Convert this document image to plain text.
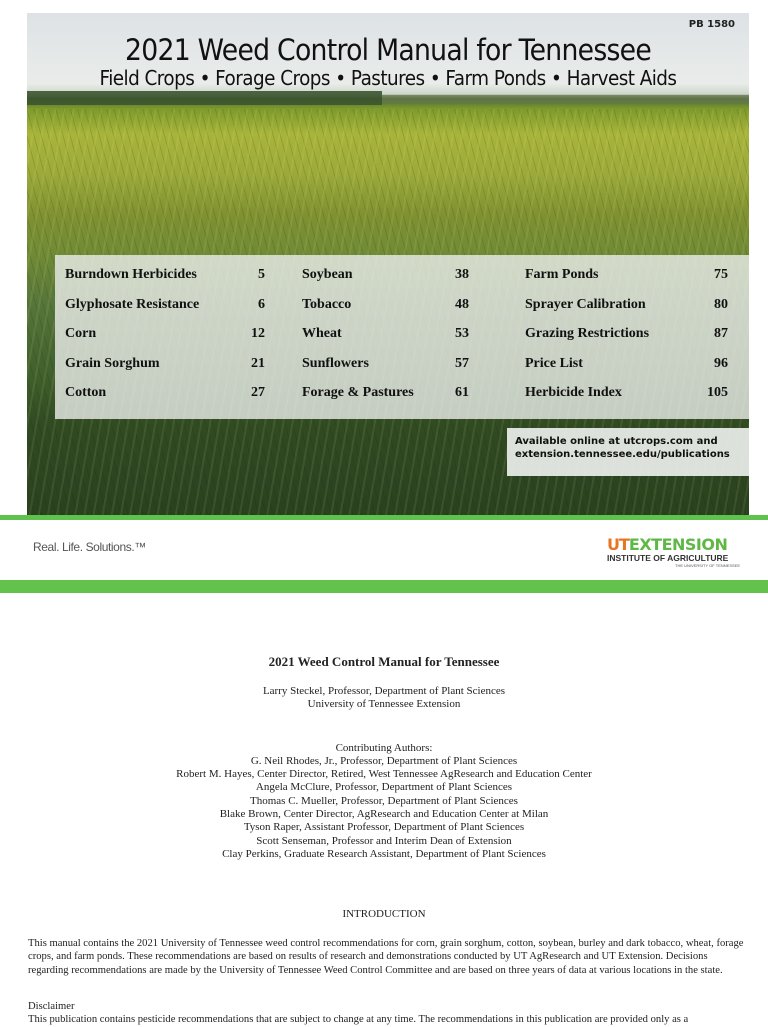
PB 1580
2021 Weed Control Manual for Tennessee
Field Crops • Forage Crops • Pastures • Farm Ponds • Harvest Aids
Burndown Herbicides	5
Glyphosate Resistance	6
Corn	12
Grain Sorghum	21
Cotton	27
Soybean	38
Tobacco	48
Wheat	53
Sunflowers	57
Forage & Pastures	61
Farm Ponds	75
Sprayer Calibration	80
Grazing Restrictions	87
Price List	96
Herbicide Index	105
Available online at utcrops.com and
extension.tennessee.edu/publications
Real. Life. Solutions.™	UTEXTENSION
INSTITUTE OF AGRICULTURE
THE UNIVERSITY OF TENNESSEE
2021 Weed Control Manual for Tennessee
Larry Steckel, Professor, Department of Plant Sciences
University of Tennessee Extension
Contributing Authors:
G. Neil Rhodes, Jr., Professor, Department of Plant Sciences
Robert M. Hayes, Center Director, Retired, West Tennessee AgResearch and Education Center
Angela McClure, Professor, Department of Plant Sciences
Thomas C. Mueller, Professor, Department of Plant Sciences
Blake Brown, Center Director, AgResearch and Education Center at Milan
Tyson Raper, Assistant Professor, Department of Plant Sciences
Scott Senseman, Professor and Interim Dean of Extension
Clay Perkins, Graduate Research Assistant, Department of Plant Sciences
INTRODUCTION
This manual contains the 2021 University of Tennessee weed control recommendations for corn, grain sorghum, cotton, soybean, burley and dark tobacco, wheat, forage crops, and farm ponds. These recommendations are based on results of research and demonstrations conducted by UT AgResearch and UT Extension. Decisions regarding recommendations are made by the University of Tennessee Weed Control Committee and are based on three years of data at various locations in the state.
Disclaimer
This publication contains pesticide recommendations that are subject to change at any time. The recommendations in this publication are provided only as a
